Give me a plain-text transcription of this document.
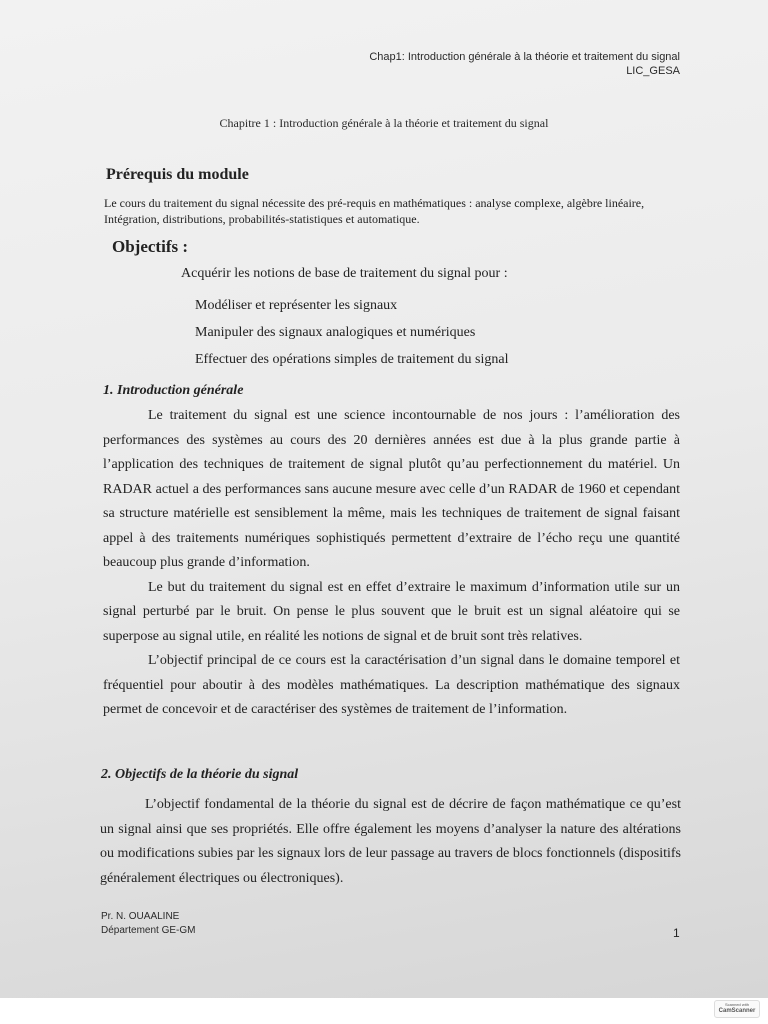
Chap1: Introduction générale à la théorie et traitement du signal
LIC_GESA
Chapitre 1 : Introduction générale à la théorie et traitement du signal
Prérequis du module
Le cours du traitement du signal nécessite des pré-requis en mathématiques : analyse complexe, algèbre linéaire, Intégration, distributions, probabilités-statistiques et automatique.
Objectifs :
Acquérir les notions de base de traitement du signal pour :
Modéliser et représenter les signaux
Manipuler des signaux analogiques et numériques
Effectuer des opérations simples de traitement du signal
1. Introduction générale

Le traitement du signal est une science incontournable de nos jours : l’amélioration des performances des systèmes au cours des 20 dernières années est due à la plus grande partie à l’application des techniques de traitement de signal plutôt qu’au perfectionnement du matériel. Un RADAR actuel a des performances sans aucune mesure avec celle d’un RADAR de 1960 et cependant sa structure matérielle est sensiblement la même, mais les techniques de traitement de signal faisant appel à des traitements numériques sophistiqués permettent d’extraire de l’écho reçu une quantité beaucoup plus grande d’information.

Le but du traitement du signal est en effet d’extraire le maximum d’information utile sur un signal perturbé par le bruit. On pense le plus souvent que le bruit est un signal aléatoire qui se superpose au signal utile, en réalité les notions de signal et de bruit sont très relatives.

L’objectif principal de ce cours est la caractérisation d’un signal dans le domaine temporel et fréquentiel pour aboutir à des modèles mathématiques. La description mathématique des signaux permet de concevoir et de caractériser des systèmes de traitement de l’information.

2. Objectifs de la théorie du signal

L’objectif fondamental de la théorie du signal est de décrire de façon mathématique ce qu’est un signal ainsi que ses propriétés. Elle offre également les moyens d’analyser la nature des altérations ou modifications subies par les signaux lors de leur passage au travers de blocs fonctionnels (dispositifs généralement électriques ou électroniques).

Pr. N. OUAALINE
Département GE-GM	1
Scanned with
CamScanner
